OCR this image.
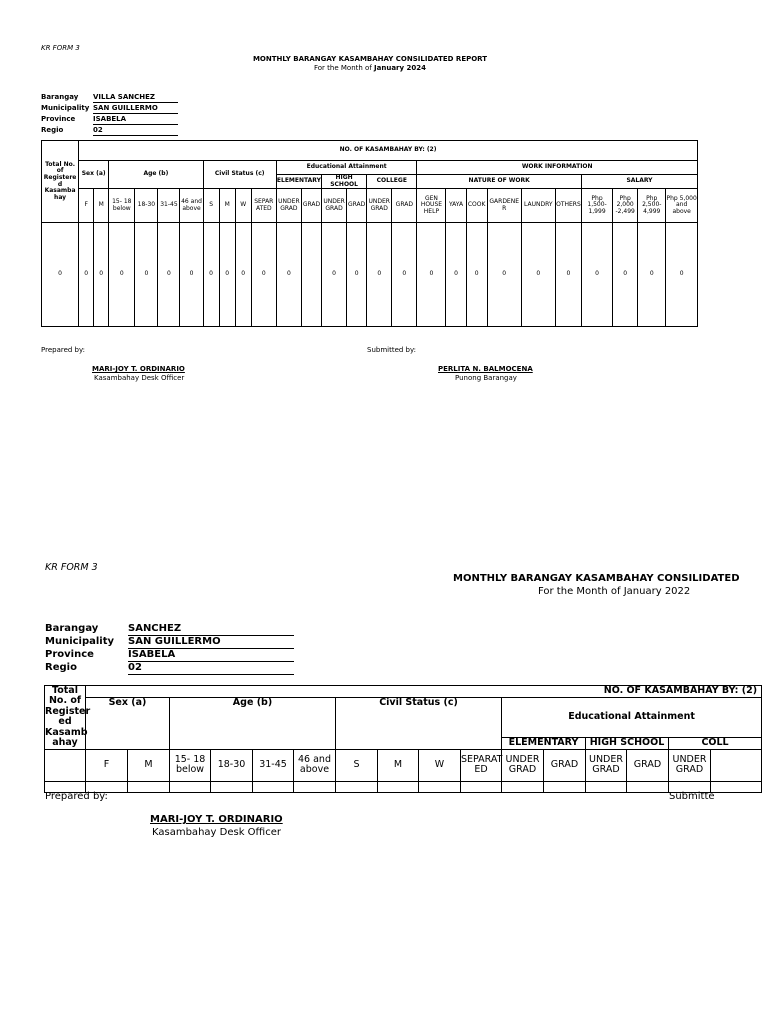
KR FORM 3
MONTHLY BARANGAY KASAMBAHAY CONSILIDATED REPORT
For the Month of January 2024
Barangay	VILLA SANCHEZ
Municipality SAN GUILLERMO
Province	ISABELA
Regio	02
Total No. of Registere d Kasamba hay	NO. OF KASAMBAHAY BY: (2)																									
	Sex (a)		Age (b)				Civil Status (c)				Educational Attainment						WORK INFORMATION									
											ELEMENTARY		HIGH SCHOOL		COLLEGE		NATURE OF WORK						SALARY			
	F	M	15- 18 below	18-30	31-45	46 and above	S	M	W	SEPAR ATED	UNDER GRAD	GRAD	UNDER GRAD	GRAD	UNDER GRAD	GRAD	GEN HOUSE HELP	YAYA	COOK	GARDENE R	LAUNDRY	OTHERS	Php 1,500- 1,999	Php 2,000 -2,499	Php 2,500- 4,999	Php 5,000 and above
0	0	0	0	0	0	0	0	0	0	0	0		0	0	0	0	0	0	0	0	0	0	0	0	0	0
Prepared by:	Submitted by:
MARI-JOY T. ORDINARIO
Kasambahay Desk Officer
PERLITA N. BALMOCENA
Punong Barangay
KR FORM 3
MONTHLY BARANGAY KASAMBAHAY CONSILIDATED
For the Month of January 2022
Barangay	SANCHEZ
Municipality	SAN GUILLERMO
Province	ISABELA
Regio	02
Total No. of Register ed Kasamb ahay	NO. OF KASAMBAHAY BY: (2)															
	Sex (a)		Age (b)				Civil Status (c)				Educational Attainment					
											ELEMENTARY		HIGH SCHOOL		COLL	
	F	M	15- 18 below	18-30	31-45	46 and above	S	M	W	SEPARAT ED	UNDER GRAD	GRAD	UNDER GRAD	GRAD	UNDER GRAD	

Prepared by:	Submitte
MARI-JOY T. ORDINARIO
Kasambahay Desk Officer
